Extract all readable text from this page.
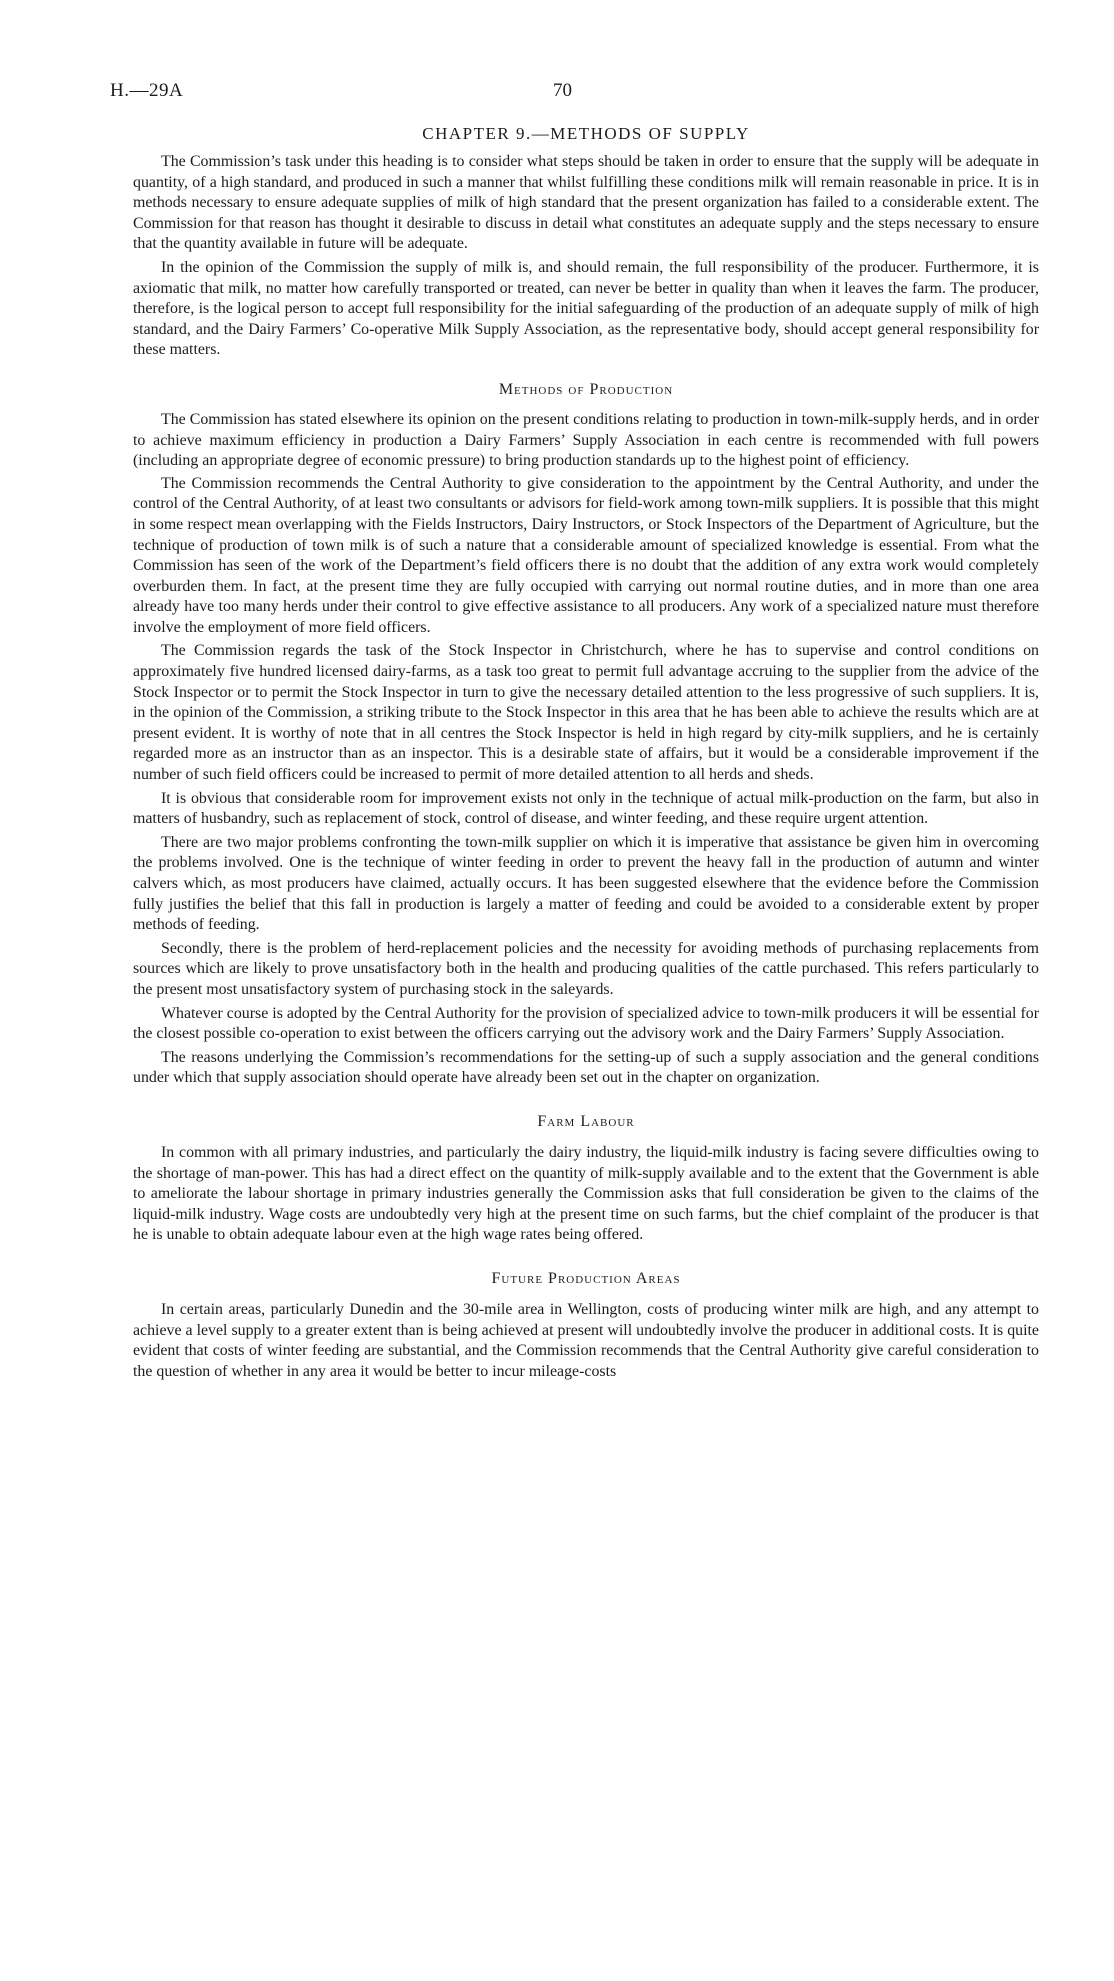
H.—29A	70
CHAPTER 9.—METHODS OF SUPPLY

The Commission’s task under this heading is to consider what steps should be taken in order to ensure that the supply will be adequate in quantity, of a high standard, and produced in such a manner that whilst fulfilling these conditions milk will remain reasonable in price. It is in methods necessary to ensure adequate supplies of milk of high standard that the present organization has failed to a considerable extent. The Commission for that reason has thought it desirable to discuss in detail what constitutes an adequate supply and the steps necessary to ensure that the quantity available in future will be adequate.

In the opinion of the Commission the supply of milk is, and should remain, the full responsibility of the producer. Furthermore, it is axiomatic that milk, no matter how carefully transported or treated, can never be better in quality than when it leaves the farm. The producer, therefore, is the logical person to accept full responsibility for the initial safeguarding of the production of an adequate supply of milk of high standard, and the Dairy Farmers’ Co-operative Milk Supply Association, as the representative body, should accept general responsibility for these matters.

Methods of Production

The Commission has stated elsewhere its opinion on the present conditions relating to production in town-milk-supply herds, and in order to achieve maximum efficiency in production a Dairy Farmers’ Supply Association in each centre is recommended with full powers (including an appropriate degree of economic pressure) to bring production standards up to the highest point of efficiency.

The Commission recommends the Central Authority to give consideration to the appointment by the Central Authority, and under the control of the Central Authority, of at least two consultants or advisors for field-work among town-milk suppliers. It is possible that this might in some respect mean overlapping with the Fields Instructors, Dairy Instructors, or Stock Inspectors of the Department of Agriculture, but the technique of production of town milk is of such a nature that a considerable amount of specialized knowledge is essential. From what the Commission has seen of the work of the Department’s field officers there is no doubt that the addition of any extra work would completely overburden them. In fact, at the present time they are fully occupied with carrying out normal routine duties, and in more than one area already have too many herds under their control to give effective assistance to all producers. Any work of a specialized nature must therefore involve the employment of more field officers.

The Commission regards the task of the Stock Inspector in Christchurch, where he has to supervise and control conditions on approximately five hundred licensed dairy-farms, as a task too great to permit full advantage accruing to the supplier from the advice of the Stock Inspector or to permit the Stock Inspector in turn to give the necessary detailed attention to the less progressive of such suppliers. It is, in the opinion of the Commission, a striking tribute to the Stock Inspector in this area that he has been able to achieve the results which are at present evident. It is worthy of note that in all centres the Stock Inspector is held in high regard by city-milk suppliers, and he is certainly regarded more as an instructor than as an inspector. This is a desirable state of affairs, but it would be a considerable improvement if the number of such field officers could be increased to permit of more detailed attention to all herds and sheds.

It is obvious that considerable room for improvement exists not only in the technique of actual milk-production on the farm, but also in matters of husbandry, such as replacement of stock, control of disease, and winter feeding, and these require urgent attention.

There are two major problems confronting the town-milk supplier on which it is imperative that assistance be given him in overcoming the problems involved. One is the technique of winter feeding in order to prevent the heavy fall in the production of autumn and winter calvers which, as most producers have claimed, actually occurs. It has been suggested elsewhere that the evidence before the Commission fully justifies the belief that this fall in production is largely a matter of feeding and could be avoided to a considerable extent by proper methods of feeding.

Secondly, there is the problem of herd-replacement policies and the necessity for avoiding methods of purchasing replacements from sources which are likely to prove unsatisfactory both in the health and producing qualities of the cattle purchased. This refers particularly to the present most unsatisfactory system of purchasing stock in the saleyards.

Whatever course is adopted by the Central Authority for the provision of specialized advice to town-milk producers it will be essential for the closest possible co-operation to exist between the officers carrying out the advisory work and the Dairy Farmers’ Supply Association.

The reasons underlying the Commission’s recommendations for the setting-up of such a supply association and the general conditions under which that supply association should operate have already been set out in the chapter on organization.

Farm Labour

In common with all primary industries, and particularly the dairy industry, the liquid-milk industry is facing severe difficulties owing to the shortage of man-power. This has had a direct effect on the quantity of milk-supply available and to the extent that the Government is able to ameliorate the labour shortage in primary industries generally the Commission asks that full consideration be given to the claims of the liquid-milk industry. Wage costs are undoubtedly very high at the present time on such farms, but the chief complaint of the producer is that he is unable to obtain adequate labour even at the high wage rates being offered.

Future Production Areas

In certain areas, particularly Dunedin and the 30-mile area in Wellington, costs of producing winter milk are high, and any attempt to achieve a level supply to a greater extent than is being achieved at present will undoubtedly involve the producer in additional costs. It is quite evident that costs of winter feeding are substantial, and the Commission recommends that the Central Authority give careful consideration to the question of whether in any area it would be better to incur mileage-costs
